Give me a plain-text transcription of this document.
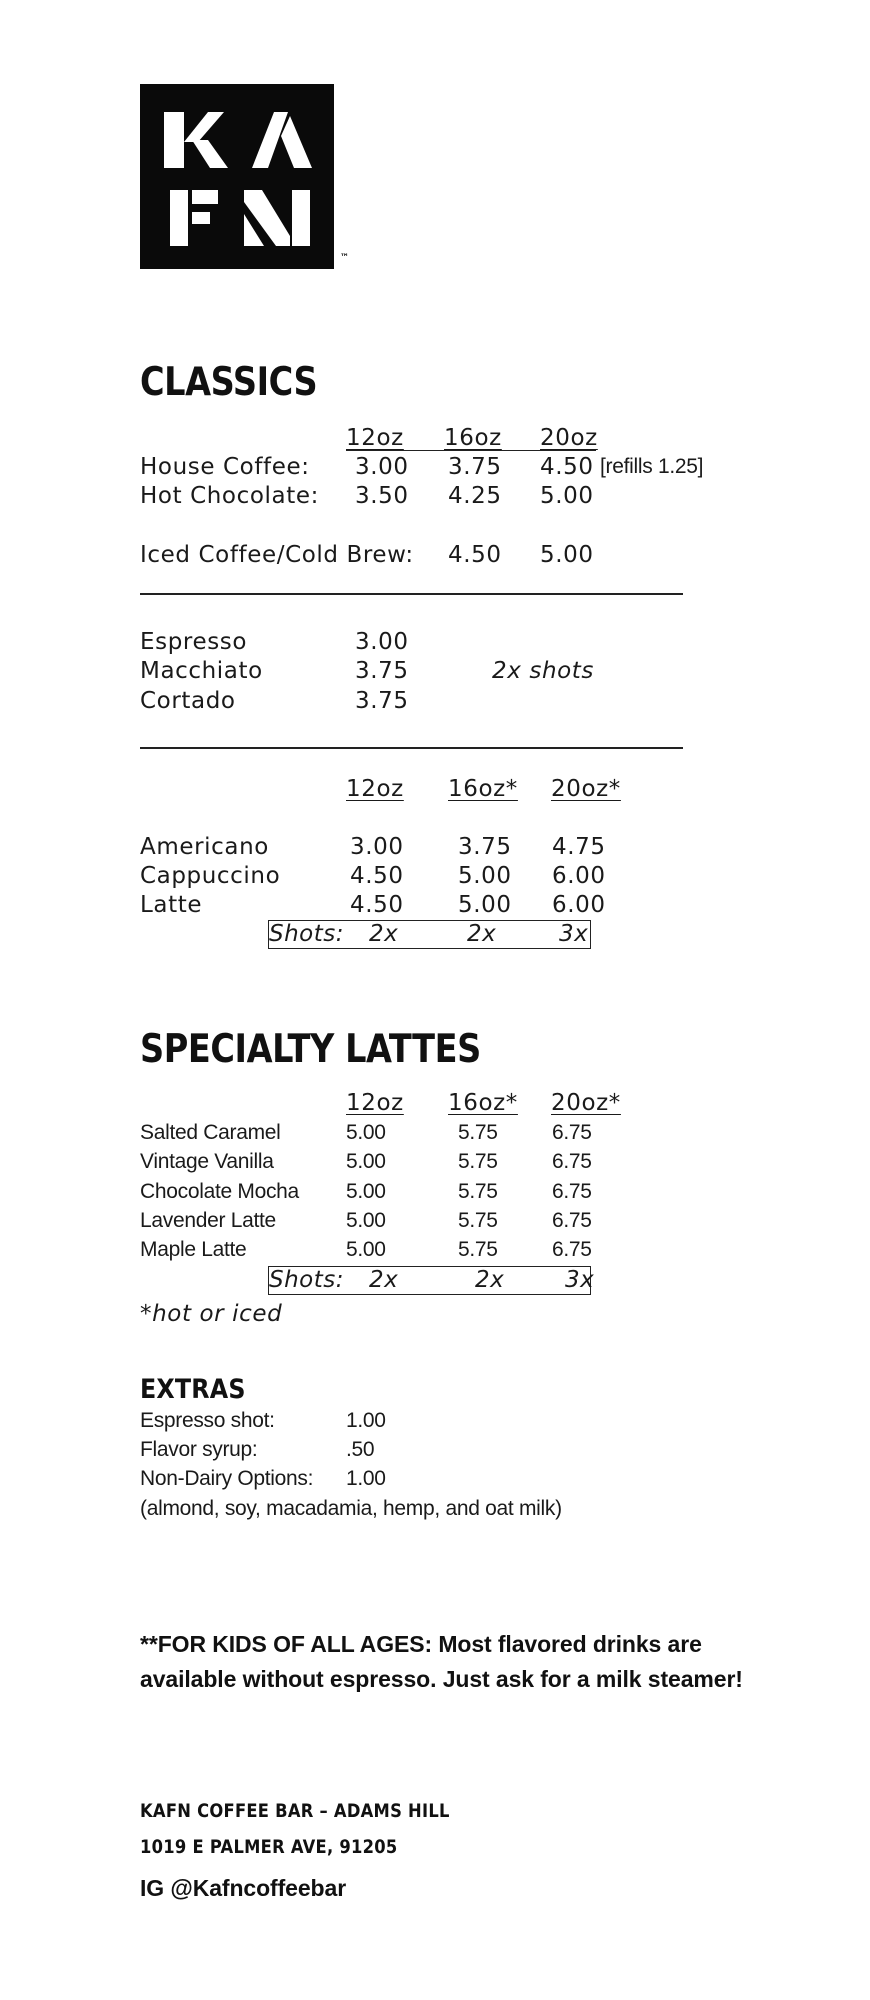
™
CLASSICS
12oz 16oz 20oz
House Coffee: 3.00 3.75 4.50 [refills 1.25]
Hot Chocolate: 3.50 4.25 5.00
Iced Coffee/Cold Brew: 4.50 5.00
Espresso	3.00
Macchiato	3.75	2x shots
Cortado	3.75
12oz 16oz* 20oz*
Americano	3.00 3.75 4.75
Cappuccino	4.50 5.00 6.00
Latte	4.50 5.00 6.00
Shots: 2x	2x	3x
SPECIALTY LATTES
12oz 16oz* 20oz*
Salted Caramel	5.00	5.75	6.75
Vintage Vanilla	5.00	5.75	6.75
Chocolate Mocha 5.00	5.75	6.75
Lavender Latte	5.00	5.75	6.75
Maple Latte	5.00	5.75	6.75
Shots: 2x	2x	3x
*hot or iced
EXTRAS
Espresso shot:	1.00
Flavor syrup:	.50
Non-Dairy Options: 1.00
(almond, soy, macadamia, hemp, and oat milk)
**FOR KIDS OF ALL AGES: Most flavored drinks are
available without espresso. Just ask for a milk steamer!
KAFN COFFEE BAR – ADAMS HILL
1019 E PALMER AVE, 91205
IG @Kafncoffeebar
